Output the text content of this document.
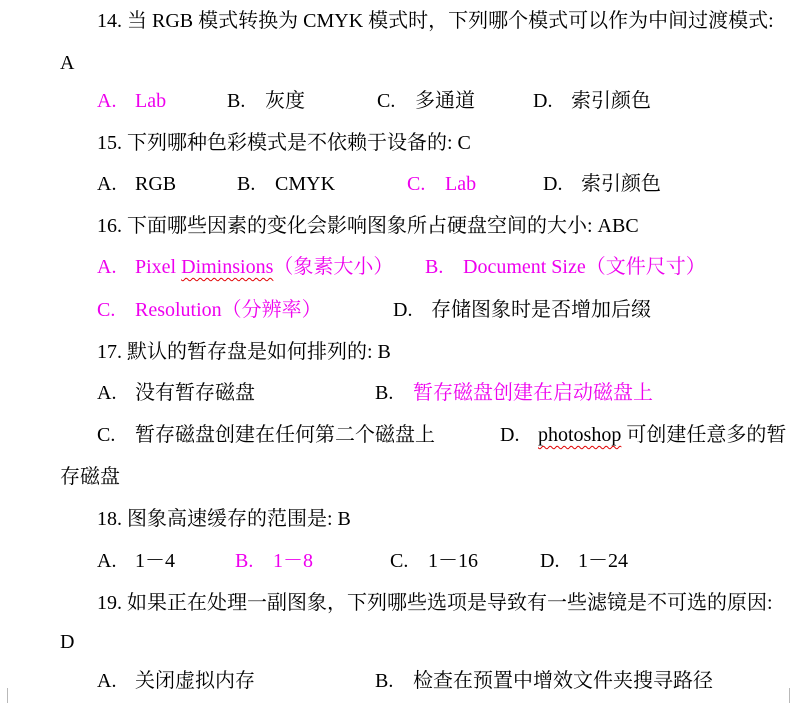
14. 当 RGB 模式转换为 CMYK 模式时，下列哪个模式可以作为中间过渡模式:
A
A. Lab	B. 灰度	C. 多通道	D. 索引颜色
15. 下列哪种色彩模式是不依赖于设备的: C
A. RGB	B. CMYK	C. Lab	D. 索引颜色
16. 下面哪些因素的变化会影响图象所占硬盘空间的大小: ABC
A. Pixel Diminsions（象素大小） B. Document Size（文件尺寸）
C. Resolution（分辨率）	D. 存储图象时是否增加后缀
17. 默认的暂存盘是如何排列的: B
A. 没有暂存磁盘	B. 暂存磁盘创建在启动磁盘上
C. 暂存磁盘创建在任何第二个磁盘上	D. photoshop 可创建任意多的暂
存磁盘
18. 图象高速缓存的范围是: B
A. 1－4	B. 1－8	C. 1－16	D. 1－24
19. 如果正在处理一副图象，下列哪些选项是导致有一些滤镜是不可选的原因:
D
A. 关闭虚拟内存	B. 检查在预置中增效文件夹搜寻路径
